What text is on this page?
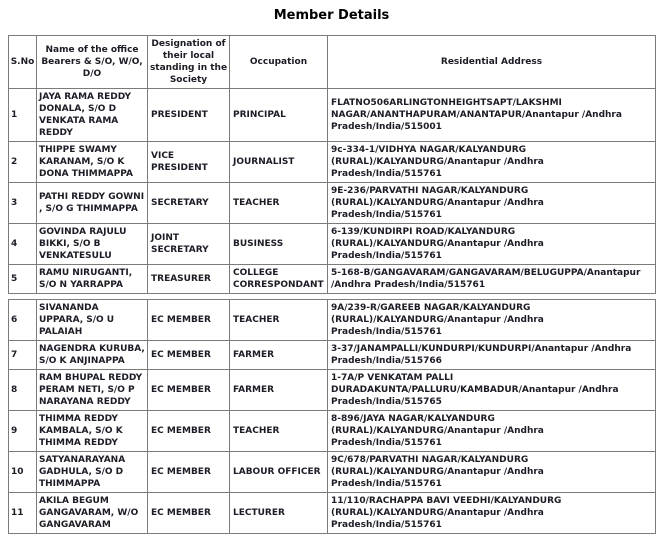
Member Details
S.No	Name of the office Bearers & S/O, W/O, D/O	Designation of their local standing in the Society	Occupation	Residential Address
1	JAYA RAMA REDDY DONALA, S/O D VENKATA RAMA REDDY	PRESIDENT	PRINCIPAL	FLATNO506ARLINGTONHEIGHTSAPT/LAKSHMI NAGAR/ANANTHAPURAM/ANANTAPUR/Anantapur /Andhra Pradesh/India/515001
2	THIPPE SWAMY KARANAM, S/O K DONA THIMMAPPA	VICE PRESIDENT	JOURNALIST	9c-334-1/VIDHYA NAGAR/KALYANDURG (RURAL)/KALYANDURG/Anantapur /Andhra Pradesh/India/515761
3	PATHI REDDY GOWNI , S/O G THIMMAPPA	SECRETARY	TEACHER	9E-236/PARVATHI NAGAR/KALYANDURG (RURAL)/KALYANDURG/Anantapur /Andhra Pradesh/India/515761
4	GOVINDA RAJULU BIKKI, S/O B VENKATESULU	JOINT SECRETARY	BUSINESS	6-139/KUNDIRPI ROAD/KALYANDURG (RURAL)/KALYANDURG/Anantapur /Andhra Pradesh/India/515761
5	RAMU NIRUGANTI, S/O N YARRAPPA	TREASURER	COLLEGE CORRESPONDANT	5-168-B/GANGAVARAM/GANGAVARAM/BELUGUPPA/Anantapur /Andhra Pradesh/India/515761
6	SIVANANDA UPPARA, S/O U PALAIAH	EC MEMBER	TEACHER	9A/239-R/GAREEB NAGAR/KALYANDURG (RURAL)/KALYANDURG/Anantapur /Andhra Pradesh/India/515761
7	NAGENDRA KURUBA, S/O K ANJINAPPA	EC MEMBER	FARMER	3-37/JANAMPALLI/KUNDURPI/KUNDURPI/Anantapur /Andhra Pradesh/India/515766
8	RAM BHUPAL REDDY PERAM NETI, S/O P NARAYANA REDDY	EC MEMBER	FARMER	1-7A/P VENKATAM PALLI DURADAKUNTA/PALLURU/KAMBADUR/Anantapur /Andhra Pradesh/India/515765
9	THIMMA REDDY KAMBALA, S/O K THIMMA REDDY	EC MEMBER	TEACHER	8-896/JAYA NAGAR/KALYANDURG (RURAL)/KALYANDURG/Anantapur /Andhra Pradesh/India/515761
10	SATYANARAYANA GADHULA, S/O D THIMMAPPA	EC MEMBER	LABOUR OFFICER	9C/678/PARVATHI NAGAR/KALYANDURG (RURAL)/KALYANDURG/Anantapur /Andhra Pradesh/India/515761
11	AKILA BEGUM GANGAVARAM, W/O GANGAVARAM	EC MEMBER	LECTURER	11/110/RACHAPPA BAVI VEEDHI/KALYANDURG (RURAL)/KALYANDURG/Anantapur /Andhra Pradesh/India/515761
